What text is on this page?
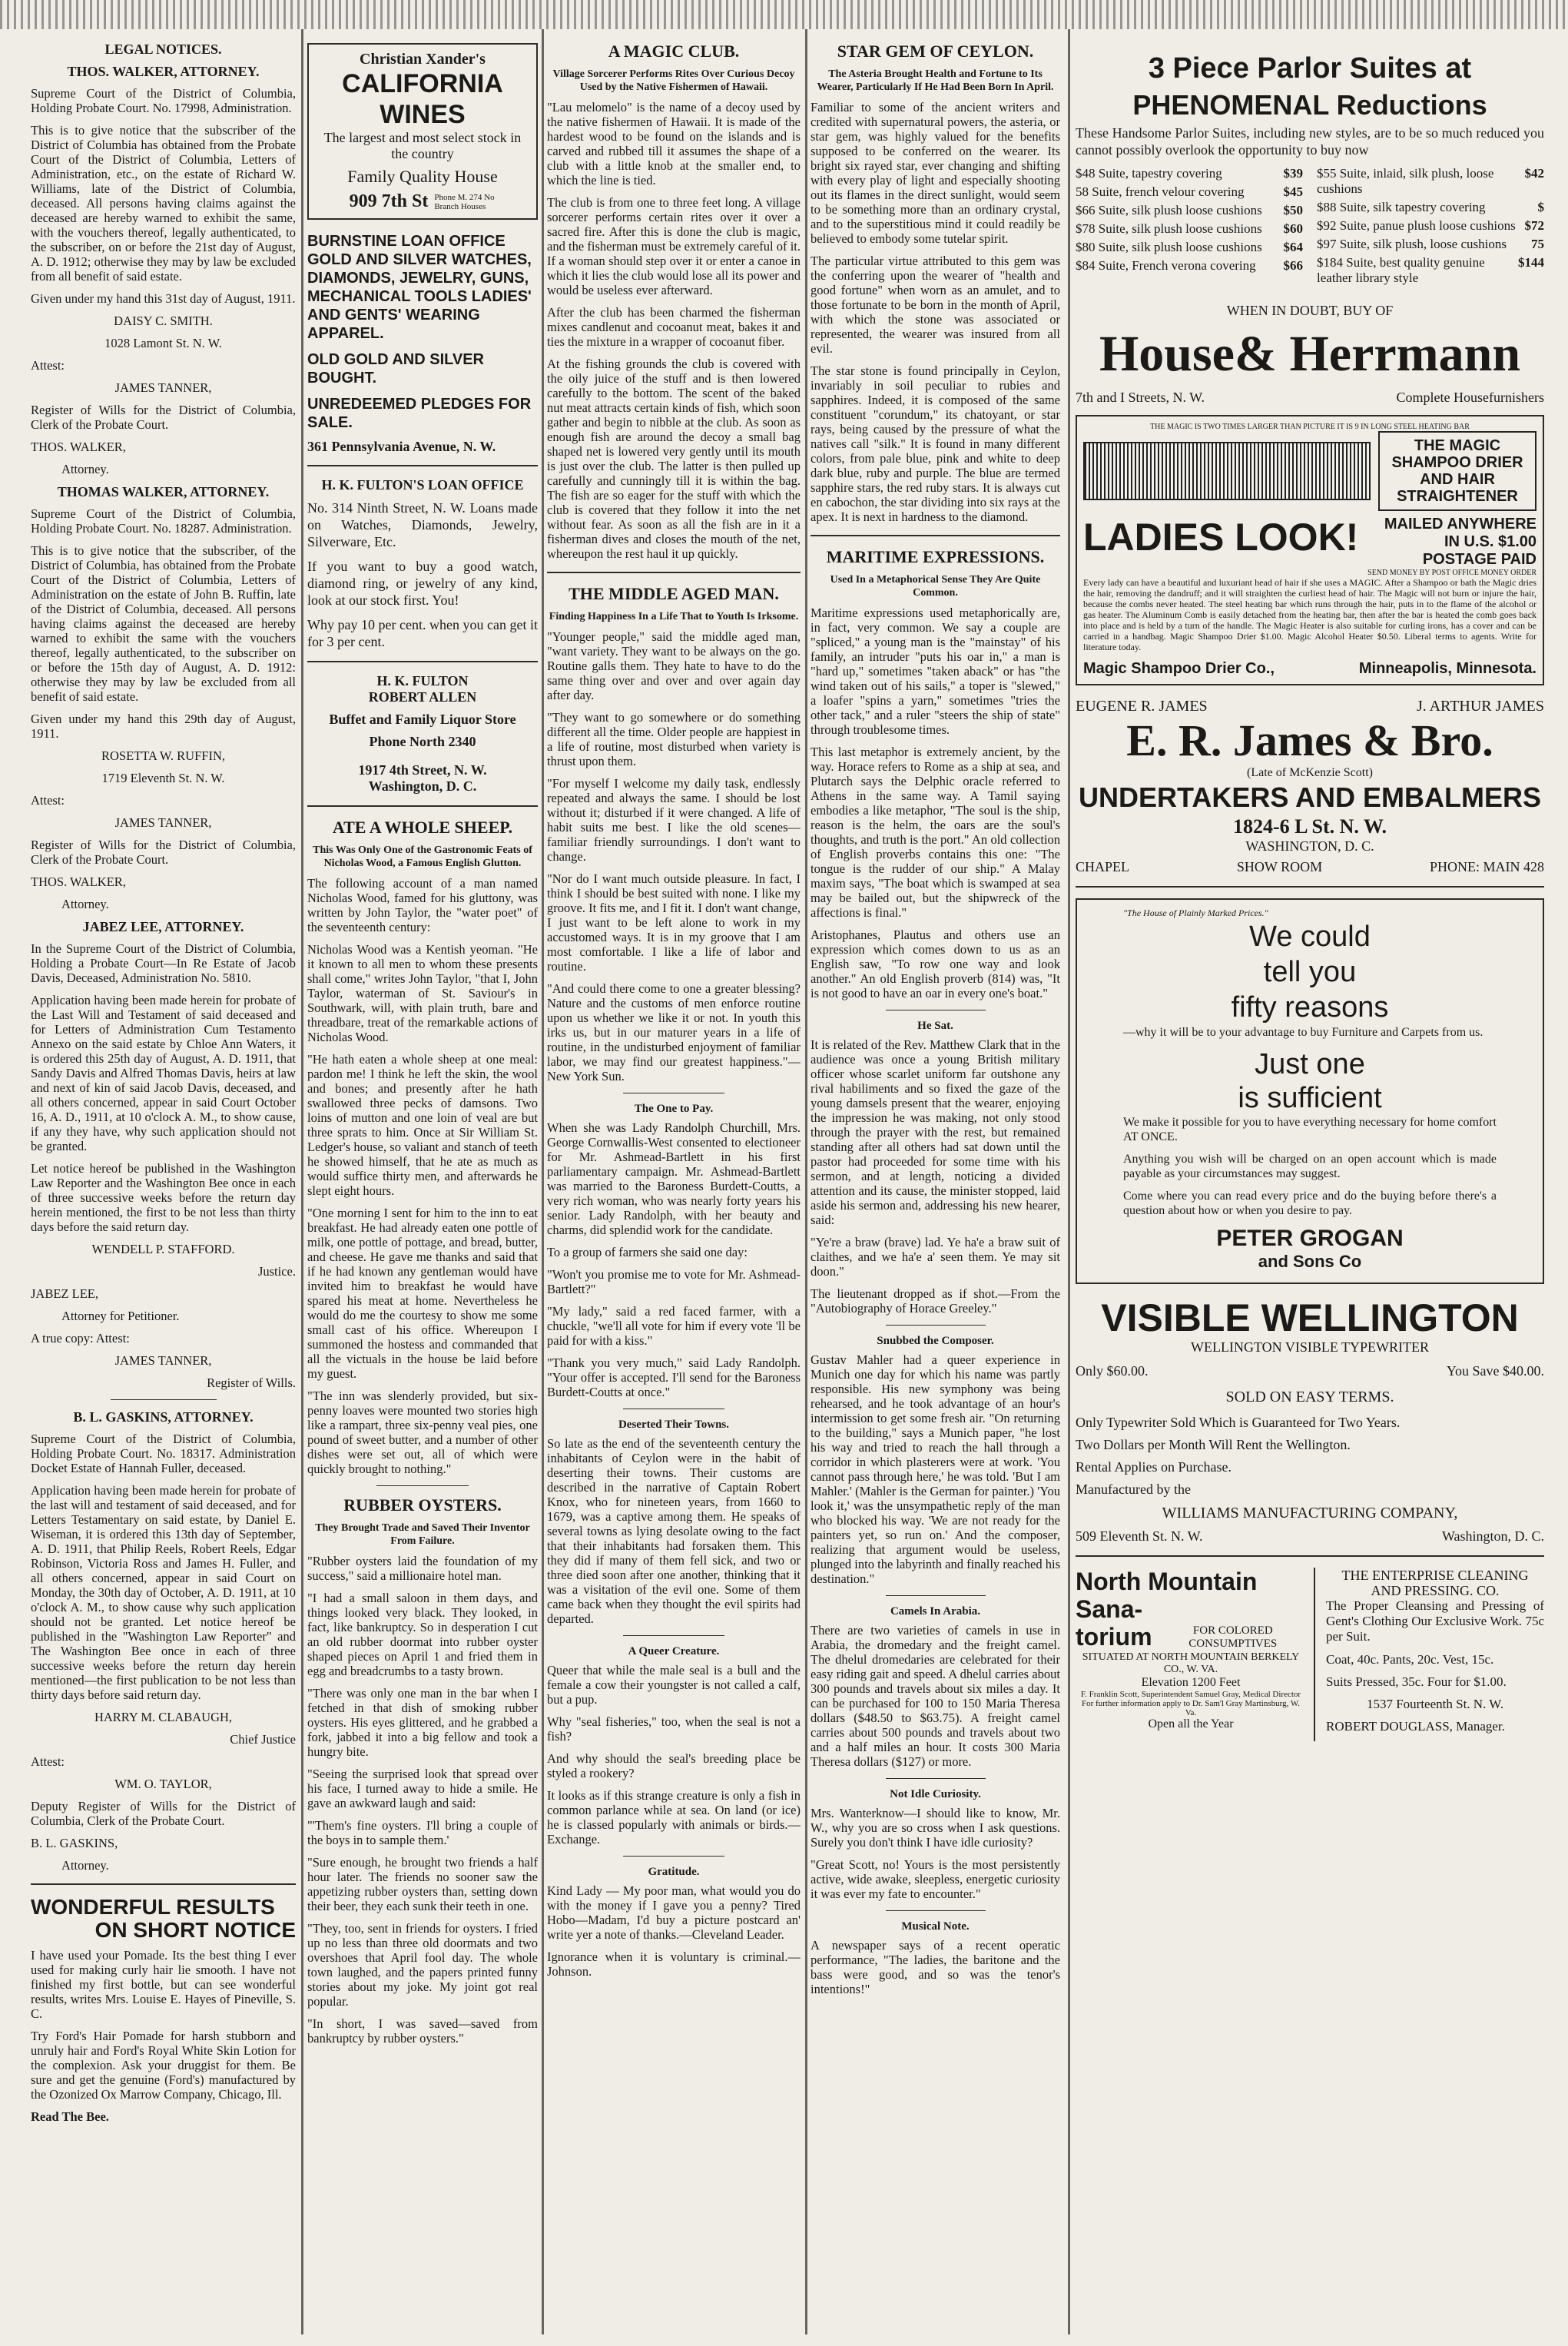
LEGAL NOTICES.
THOS. WALKER, ATTORNEY.

Supreme Court of the District of Columbia, Holding Probate Court. No. 17998, Administration.

This is to give notice that the subscriber of the District of Columbia has obtained from the Probate Court of the District of Columbia, Letters of Administration, etc., on the estate of Richard W. Williams, late of the District of Columbia, deceased. All persons having claims against the deceased are hereby warned to exhibit the same, with the vouchers thereof, legally authenticated, to the subscriber, on or before the 21st day of August, A. D. 1912; otherwise they may by law be excluded from all benefit of said estate.

Given under my hand this 31st day of August, 1911.

DAISY C. SMITH.

1028 Lamont St. N. W.

Attest:

JAMES TANNER,

Register of Wills for the District of Columbia, Clerk of the Probate Court.

THOS. WALKER,

Attorney.

THOMAS WALKER, ATTORNEY.

Supreme Court of the District of Columbia, Holding Probate Court. No. 18287. Administration.

This is to give notice that the subscriber, of the District of Columbia, has obtained from the Probate Court of the District of Columbia, Letters of Administration on the estate of John B. Ruffin, late of the District of Columbia, deceased. All persons having claims against the deceased are hereby warned to exhibit the same with the vouchers thereof, legally authenticated, to the subscriber on or before the 15th day of August, A. D. 1912: otherwise they may by law be excluded from all benefit of said estate.

Given under my hand this 29th day of August, 1911.

ROSETTA W. RUFFIN,

1719 Eleventh St. N. W.

Attest:

JAMES TANNER,

Register of Wills for the District of Columbia, Clerk of the Probate Court.

THOS. WALKER,

Attorney.

JABEZ LEE, ATTORNEY.

In the Supreme Court of the District of Columbia, Holding a Probate Court—In Re Estate of Jacob Davis, Deceased, Administration No. 5810.

Application having been made herein for probate of the Last Will and Testament of said deceased and for Letters of Administration Cum Testamento Annexo on the said estate by Chloe Ann Waters, it is ordered this 25th day of August, A. D. 1911, that Sandy Davis and Alfred Thomas Davis, heirs at law and next of kin of said Jacob Davis, deceased, and all others concerned, appear in said Court October 16, A. D., 1911, at 10 o'clock A. M., to show cause, if any they have, why such application should not be granted.

Let notice hereof be published in the Washington Law Reporter and the Washington Bee once in each of three successive weeks before the return day herein mentioned, the first to be not less than thirty days before the said return day.

WENDELL P. STAFFORD.

Justice.

JABEZ LEE,

Attorney for Petitioner.

A true copy: Attest:

JAMES TANNER,

Register of Wills.

B. L. GASKINS, ATTORNEY.

Supreme Court of the District of Columbia, Holding Probate Court. No. 18317. Administration Docket Estate of Hannah Fuller, deceased.

Application having been made herein for probate of the last will and testament of said deceased, and for Letters Testamentary on said estate, by Daniel E. Wiseman, it is ordered this 13th day of September, A. D. 1911, that Philip Reels, Robert Reels, Edgar Robinson, Victoria Ross and James H. Fuller, and all others concerned, appear in said Court on Monday, the 30th day of October, A. D. 1911, at 10 o'clock A. M., to show cause why such application should not be granted. Let notice hereof be published in the "Washington Law Reporter" and The Washington Bee once in each of three successive weeks before the return day herein mentioned—the first publication to be not less than thirty days before said return day.

HARRY M. CLABAUGH,

Chief Justice

Attest:

WM. O. TAYLOR,

Deputy Register of Wills for the District of Columbia, Clerk of the Probate Court.

B. L. GASKINS,

Attorney.

WONDERFUL RESULTS
ON SHORT NOTICE

I have used your Pomade. Its the best thing I ever used for making curly hair lie smooth. I have not finished my first bottle, but can see wonderful results, writes Mrs. Louise E. Hayes of Pineville, S. C.

Try Ford's Hair Pomade for harsh stubborn and unruly hair and Ford's Royal White Skin Lotion for the complexion. Ask your druggist for them. Be sure and get the genuine (Ford's) manufactured by the Ozonized Ox Marrow Company, Chicago, Ill.

Read The Bee.

Christian Xander's
CALIFORNIA WINES
The largest and most select stock in the country
Family Quality House
909 7th St Phone M. 274 No Branch Houses

BURNSTINE LOAN OFFICE GOLD AND SILVER WATCHES, DIAMONDS, JEWELRY, GUNS, MECHANICAL TOOLS LADIES' AND GENTS' WEARING APPAREL.

OLD GOLD AND SILVER BOUGHT.

UNREDEEMED PLEDGES FOR SALE.

361 Pennsylvania Avenue, N. W.

H. K. FULTON'S LOAN OFFICE

No. 314 Ninth Street, N. W. Loans made on Watches, Diamonds, Jewelry, Silverware, Etc.

If you want to buy a good watch, diamond ring, or jewelry of any kind, look at our stock first. You!

Why pay 10 per cent. when you can get it for 3 per cent.

H. K. FULTON
ROBERT ALLEN
Buffet and Family Liquor Store
Phone North 2340
1917 4th Street, N. W.
Washington, D. C.
ATE A WHOLE SHEEP.
This Was Only One of the Gastronomic Feats of Nicholas Wood, a Famous English Glutton.

The following account of a man named Nicholas Wood, famed for his gluttony, was written by John Taylor, the "water poet" of the seventeenth century:

Nicholas Wood was a Kentish yeoman. "He it known to all men to whom these presents shall come," writes John Taylor, "that I, John Taylor, waterman of St. Saviour's in Southwark, will, with plain truth, bare and threadbare, treat of the remarkable actions of Nicholas Wood.

"He hath eaten a whole sheep at one meal: pardon me! I think he left the skin, the wool and bones; and presently after he hath swallowed three pecks of damsons. Two loins of mutton and one loin of veal are but three sprats to him. Once at Sir William St. Ledger's house, so valiant and stanch of teeth he showed himself, that he ate as much as would suffice thirty men, and afterwards he slept eight hours.

"One morning I sent for him to the inn to eat breakfast. He had already eaten one pottle of milk, one pottle of pottage, and bread, butter, and cheese. He gave me thanks and said that if he had known any gentleman would have invited him to breakfast he would have spared his meat at home. Nevertheless he would do me the courtesy to show me some small cast of his office. Whereupon I summoned the hostess and commanded that all the victuals in the house be laid before my guest.

"The inn was slenderly provided, but six-penny loaves were mounted two stories high like a rampart, three six-penny veal pies, one pound of sweet butter, and a number of other dishes were set out, all of which were quickly brought to nothing."

RUBBER OYSTERS.
They Brought Trade and Saved Their Inventor From Failure.

"Rubber oysters laid the foundation of my success," said a millionaire hotel man.

"I had a small saloon in them days, and things looked very black. They looked, in fact, like bankruptcy. So in desperation I cut an old rubber doormat into rubber oyster shaped pieces on April 1 and fried them in egg and breadcrumbs to a tasty brown.

"There was only one man in the bar when I fetched in that dish of smoking rubber oysters. His eyes glittered, and he grabbed a fork, jabbed it into a big fellow and took a hungry bite.

"Seeing the surprised look that spread over his face, I turned away to hide a smile. He gave an awkward laugh and said:

"'Them's fine oysters. I'll bring a couple of the boys in to sample them.'

"Sure enough, he brought two friends a half hour later. The friends no sooner saw the appetizing rubber oysters than, setting down their beer, they each sunk their teeth in one.

"They, too, sent in friends for oysters. I fried up no less than three old doormats and two overshoes that April fool day. The whole town laughed, and the papers printed funny stories about my joke. My joint got real popular.

"In short, I was saved—saved from bankruptcy by rubber oysters."

A MAGIC CLUB.
Village Sorcerer Performs Rites Over Curious Decoy Used by the Native Fishermen of Hawaii.

"Lau melomelo" is the name of a decoy used by the native fishermen of Hawaii. It is made of the hardest wood to be found on the islands and is carved and rubbed till it assumes the shape of a club with a little knob at the smaller end, to which the line is tied.

The club is from one to three feet long. A village sorcerer performs certain rites over it over a sacred fire. After this is done the club is magic, and the fisherman must be extremely careful of it. If a woman should step over it or enter a canoe in which it lies the club would lose all its power and would be useless ever afterward.

After the club has been charmed the fisherman mixes candlenut and cocoanut meat, bakes it and ties the mixture in a wrapper of cocoanut fiber.

At the fishing grounds the club is covered with the oily juice of the stuff and is then lowered carefully to the bottom. The scent of the baked nut meat attracts certain kinds of fish, which soon gather and begin to nibble at the club. As soon as enough fish are around the decoy a small bag shaped net is lowered very gently until its mouth is just over the club. The latter is then pulled up carefully and cunningly till it is within the bag. The fish are so eager for the stuff with which the club is covered that they follow it into the net without fear. As soon as all the fish are in it a fisherman dives and closes the mouth of the net, whereupon the rest haul it up quickly.

THE MIDDLE AGED MAN.
Finding Happiness In a Life That to Youth Is Irksome.

"Younger people," said the middle aged man, "want variety. They want to be always on the go. Routine galls them. They hate to have to do the same thing over and over and over again day after day.

"They want to go somewhere or do something different all the time. Older people are happiest in a life of routine, most disturbed when variety is thrust upon them.

"For myself I welcome my daily task, endlessly repeated and always the same. I should be lost without it; disturbed if it were changed. A life of habit suits me best. I like the old scenes—familiar friendly surroundings. I don't want to change.

"Nor do I want much outside pleasure. In fact, I think I should be best suited with none. I like my groove. It fits me, and I fit it. I don't want change, I just want to be left alone to work in my accustomed ways. It is in my groove that I am most comfortable. I like a life of labor and routine.

"And could there come to one a greater blessing? Nature and the customs of men enforce routine upon us whether we like it or not. In youth this irks us, but in our maturer years in a life of routine, in the undisturbed enjoyment of familiar labor, we may find our greatest happiness."—New York Sun.

The One to Pay.

When she was Lady Randolph Churchill, Mrs. George Cornwallis-West consented to electioneer for Mr. Ashmead-Bartlett in his first parliamentary campaign. Mr. Ashmead-Bartlett was married to the Baroness Burdett-Coutts, a very rich woman, who was nearly forty years his senior. Lady Randolph, with her beauty and charms, did splendid work for the candidate.

To a group of farmers she said one day:

"Won't you promise me to vote for Mr. Ashmead-Bartlett?"

"My lady," said a red faced farmer, with a chuckle, "we'll all vote for him if every vote 'll be paid for with a kiss."

"Thank you very much," said Lady Randolph. "Your offer is accepted. I'll send for the Baroness Burdett-Coutts at once."

Deserted Their Towns.

So late as the end of the seventeenth century the inhabitants of Ceylon were in the habit of deserting their towns. Their customs are described in the narrative of Captain Robert Knox, who for nineteen years, from 1660 to 1679, was a captive among them. He speaks of several towns as lying desolate owing to the fact that their inhabitants had forsaken them. This they did if many of them fell sick, and two or three died soon after one another, thinking that it was a visitation of the evil one. Some of them came back when they thought the evil spirits had departed.

A Queer Creature.

Queer that while the male seal is a bull and the female a cow their youngster is not called a calf, but a pup.

Why "seal fisheries," too, when the seal is not a fish?

And why should the seal's breeding place be styled a rookery?

It looks as if this strange creature is only a fish in common parlance while at sea. On land (or ice) he is classed popularly with animals or birds.—Exchange.

Gratitude.

Kind Lady — My poor man, what would you do with the money if I gave you a penny? Tired Hobo—Madam, I'd buy a picture postcard an' write yer a note of thanks.—Cleveland Leader.

Ignorance when it is voluntary is criminal.—Johnson.

STAR GEM OF CEYLON.
The Asteria Brought Health and Fortune to Its Wearer, Particularly If He Had Been Born In April.

Familiar to some of the ancient writers and credited with supernatural powers, the asteria, or star gem, was highly valued for the benefits supposed to be conferred on the wearer. Its bright six rayed star, ever changing and shifting with every play of light and especially shooting out its flames in the direct sunlight, would seem to be something more than an ordinary crystal, and to the superstitious mind it could readily be believed to embody some tutelar spirit.

The particular virtue attributed to this gem was the conferring upon the wearer of "health and good fortune" when worn as an amulet, and to those fortunate to be born in the month of April, with which the stone was associated or represented, the wearer was insured from all evil.

The star stone is found principally in Ceylon, invariably in soil peculiar to rubies and sapphires. Indeed, it is composed of the same constituent "corundum," its chatoyant, or star rays, being caused by the pressure of what the natives call "silk." It is found in many different colors, from pale blue, pink and white to deep dark blue, ruby and purple. The blue are termed sapphire stars, the red ruby stars. It is always cut en cabochon, the star dividing into six rays at the apex. It is next in hardness to the diamond.

MARITIME EXPRESSIONS.
Used In a Metaphorical Sense They Are Quite Common.

Maritime expressions used metaphorically are, in fact, very common. We say a couple are "spliced," a young man is the "mainstay" of his family, an intruder "puts his oar in," a man is "hard up," sometimes "taken aback" or has "the wind taken out of his sails," a toper is "slewed," a loafer "spins a yarn," sometimes "tries the other tack," and a ruler "steers the ship of state" through troublesome times.

This last metaphor is extremely ancient, by the way. Horace refers to Rome as a ship at sea, and Plutarch says the Delphic oracle referred to Athens in the same way. A Tamil saying embodies a like metaphor, "The soul is the ship, reason is the helm, the oars are the soul's thoughts, and truth is the port." An old collection of English proverbs contains this one: "The tongue is the rudder of our ship." A Malay maxim says, "The boat which is swamped at sea may be bailed out, but the shipwreck of the affections is final."

Aristophanes, Plautus and others use an expression which comes down to us as an English saw, "To row one way and look another." An old English proverb (814) was, "It is not good to have an oar in every one's boat."

He Sat.

It is related of the Rev. Matthew Clark that in the audience was once a young British military officer whose scarlet uniform far outshone any rival habiliments and so fixed the gaze of the young damsels present that the wearer, enjoying the impression he was making, not only stood through the prayer with the rest, but remained standing after all others had sat down until the pastor had proceeded for some time with his sermon, and at length, noticing a divided attention and its cause, the minister stopped, laid aside his sermon and, addressing his new hearer, said:

"Ye're a braw (brave) lad. Ye ha'e a braw suit of claithes, and we ha'e a' seen them. Ye may sit doon."

The lieutenant dropped as if shot.—From the "Autobiography of Horace Greeley."

Snubbed the Composer.

Gustav Mahler had a queer experience in Munich one day for which his name was partly responsible. His new symphony was being rehearsed, and he took advantage of an hour's intermission to get some fresh air. "On returning to the building," says a Munich paper, "he lost his way and tried to reach the hall through a corridor in which plasterers were at work. 'You cannot pass through here,' he was told. 'But I am Mahler.' (Mahler is the German for painter.) 'You look it,' was the unsympathetic reply of the man who blocked his way. 'We are not ready for the painters yet, so run on.' And the composer, realizing that argument would be useless, plunged into the labyrinth and finally reached his destination."

Camels In Arabia.

There are two varieties of camels in use in Arabia, the dromedary and the freight camel. The dhelul dromedaries are celebrated for their easy riding gait and speed. A dhelul carries about 300 pounds and travels about six miles a day. It can be purchased for 100 to 150 Maria Theresa dollars ($48.50 to $63.75). A freight camel carries about 500 pounds and travels about two and a half miles an hour. It costs 300 Maria Theresa dollars ($127) or more.

Not Idle Curiosity.

Mrs. Wanterknow—I should like to know, Mr. W., why you are so cross when I ask questions. Surely you don't think I have idle curiosity?

"Great Scott, no! Yours is the most persistently active, wide awake, sleepless, energetic curiosity it was ever my fate to encounter."

Musical Note.

A newspaper says of a recent operatic performance, "The ladies, the baritone and the bass were good, and so was the tenor's intentions!"

3 Piece Parlor Suites at
PHENOMENAL Reductions

These Handsome Parlor Suites, including new styles, are to be so much reduced you cannot possibly overlook the opportunity to buy now

$48 Suite, tapestry covering	$39
58 Suite, french velour covering	$45
$66 Suite, silk plush loose cushions	$50
$78 Suite, silk plush loose cushions	$60
$80 Suite, silk plush loose cushions	$64
$84 Suite, French verona covering	$66
$55 Suite, inlaid, silk plush, loose cushions
$42
$88 Suite, silk tapestry covering	$
$92 Suite, panue plush loose cushions $72
$97 Suite, silk plush, loose cushions	75
$184 Suite, best quality genuine leather library style
$144
WHEN IN DOUBT, BUY OF
House& Herrmann
7th and I Streets, N. W.	Complete Housefurnishers
THE MAGIC IS TWO TIMES LARGER THAN PICTURE IT IS 9 IN LONG STEEL HEATING BAR
THE MAGIC SHAMPOO DRIER AND HAIR STRAIGHTENER
LADIES LOOK!	MAILED ANYWHERE IN U.S. $1.00 POSTAGE PAID
SEND MONEY BY POST OFFICE MONEY ORDER

Every lady can have a beautiful and luxuriant head of hair if she uses a MAGIC. After a Shampoo or bath the Magic dries the hair, removing the dandruff; and it will straighten the curliest head of hair. The Magic will not burn or injure the hair, because the combs never heated. The steel heating bar which runs through the hair, puts in to the flame of the alcohol or gas heater. The Aluminum Comb is easily detached from the heating bar, then after the bar is heated the comb goes back into place and is held by a turn of the handle. The Magic Heater is also suitable for curling irons, has a cover and can be carried in a handbag. Magic Shampoo Drier $1.00. Magic Alcohol Heater $0.50. Liberal terms to agents. Write for literature today.

Magic Shampoo Drier Co.,	Minneapolis, Minnesota.
EUGENE R. JAMES	J. ARTHUR JAMES
E. R. James & Bro.
(Late of McKenzie Scott)
UNDERTAKERS AND EMBALMERS
1824-6 L St. N. W.
WASHINGTON, D. C.
CHAPEL	SHOW ROOM	PHONE: MAIN 428
"The House of Plainly Marked Prices."
We could
tell you
fifty reasons

—why it will be to your advantage to buy Furniture and Carpets from us.

Just one
is sufficient

We make it possible for you to have everything necessary for home comfort AT ONCE.

Anything you wish will be charged on an open account which is made payable as your circumstances may suggest.

Come where you can read every price and do the buying before there's a question about how or when you desire to pay.

PETER GROGAN
and Sons Co
VISIBLE WELLINGTON
WELLINGTON VISIBLE TYPEWRITER
Only $60.00.	You Save $40.00.
SOLD ON EASY TERMS.

Only Typewriter Sold Which is Guaranteed for Two Years.

Two Dollars per Month Will Rent the Wellington.

Rental Applies on Purchase.

Manufactured by the

WILLIAMS MANUFACTURING COMPANY,
509 Eleventh St. N. W.	Washington, D. C.
North Mountain Sana-
torium	FOR COLORED CONSUMPTIVES
SITUATED AT NORTH MOUNTAIN BERKELY CO., W. VA.
Elevation 1200 Feet
F. Franklin Scott, Superintendent Samuel Gray, Medical Director
For further information apply to Dr. Sam'l Gray Martinsburg, W. Va.
Open all the Year
THE ENTERPRISE CLEANING AND PRESSING. CO.

The Proper Cleansing and Pressing of Gent's Clothing Our Exclusive Work. 75c per Suit.

Coat, 40c. Pants, 20c. Vest, 15c.

Suits Pressed, 35c. Four for $1.00.

1537 Fourteenth St. N. W.

ROBERT DOUGLASS, Manager.
